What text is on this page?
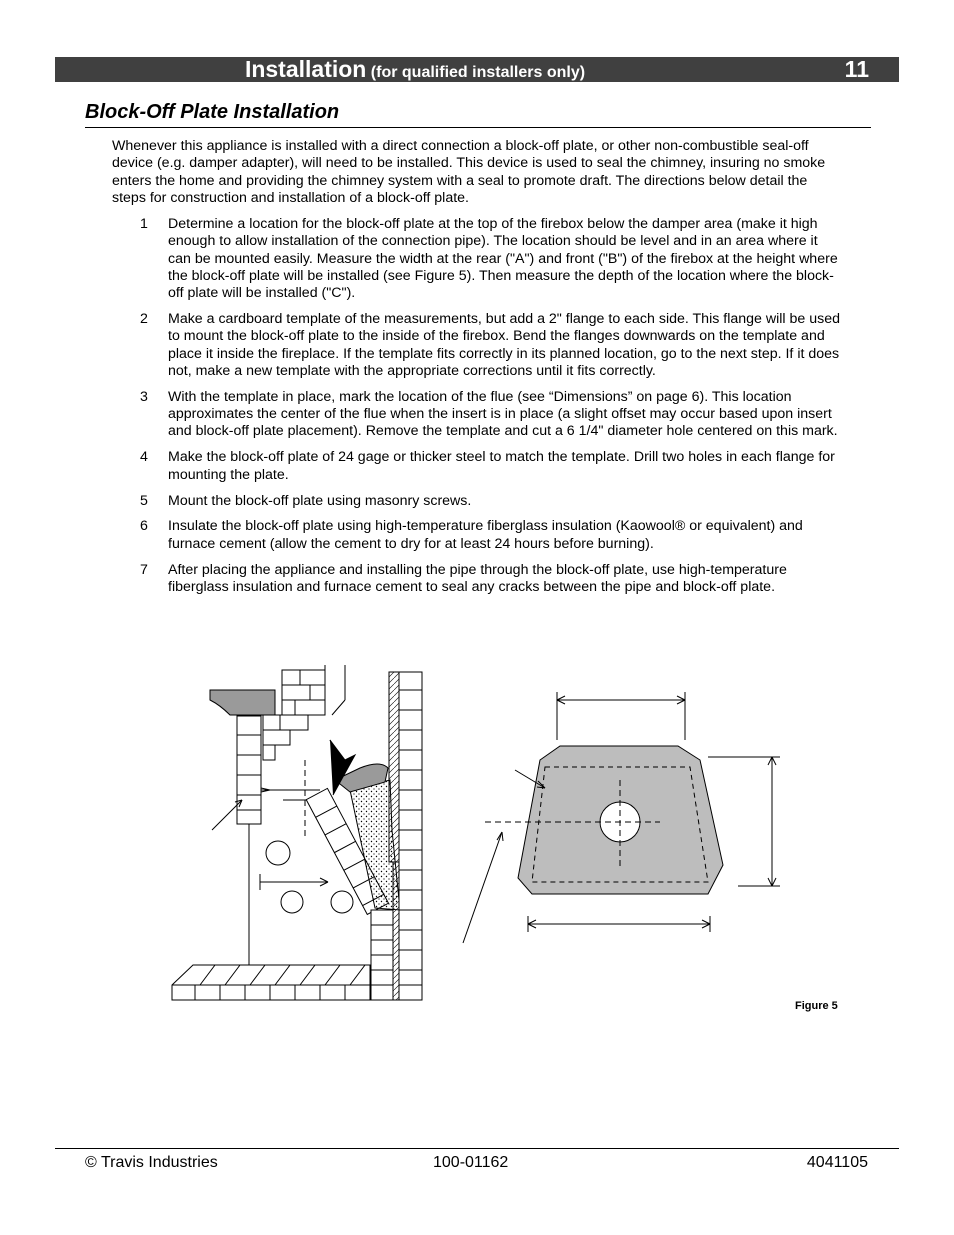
Installation (for qualified installers only)	11
Block-Off Plate Installation
Whenever this appliance is installed with a direct connection a block-off plate, or other non-combustible seal-off device (e.g. damper adapter), will need to be installed. This device is used to seal the chimney, insuring no smoke enters the home and providing the chimney system with a seal to promote draft. The directions below detail the steps for construction and installation of a block-off plate.
1 Determine a location for the block-off plate at the top of the firebox below the damper area (make it high enough to allow installation of the connection pipe). The location should be level and in an area where it can be mounted easily. Measure the width at the rear ("A") and front ("B") of the firebox at the height where the block-off plate will be installed (see Figure 5). Then measure the depth of the location where the block-off plate will be installed ("C").
2 Make a cardboard template of the measurements, but add a 2" flange to each side. This flange will be used to mount the block-off plate to the inside of the firebox. Bend the flanges downwards on the template and place it inside the fireplace. If the template fits correctly in its planned location, go to the next step. If it does not, make a new template with the appropriate corrections until it fits correctly.
3 With the template in place, mark the location of the flue (see “Dimensions” on page 6). This location approximates the center of the flue when the insert is in place (a slight offset may occur based upon insert and block-off plate placement). Remove the template and cut a 6 1/4" diameter hole centered on this mark.
4 Make the block-off plate of 24 gage or thicker steel to match the template. Drill two holes in each flange for mounting the plate.
5 Mount the block-off plate using masonry screws.
6 Insulate the block-off plate using high-temperature fiberglass insulation (Kaowool® or equivalent) and furnace cement (allow the cement to dry for at least 24 hours before burning).
7 After placing the appliance and installing the pipe through the block-off plate, use high-temperature fiberglass insulation and furnace cement to seal any cracks between the pipe and block-off plate.
Figure 5
© Travis Industries	100-01162	4041105
